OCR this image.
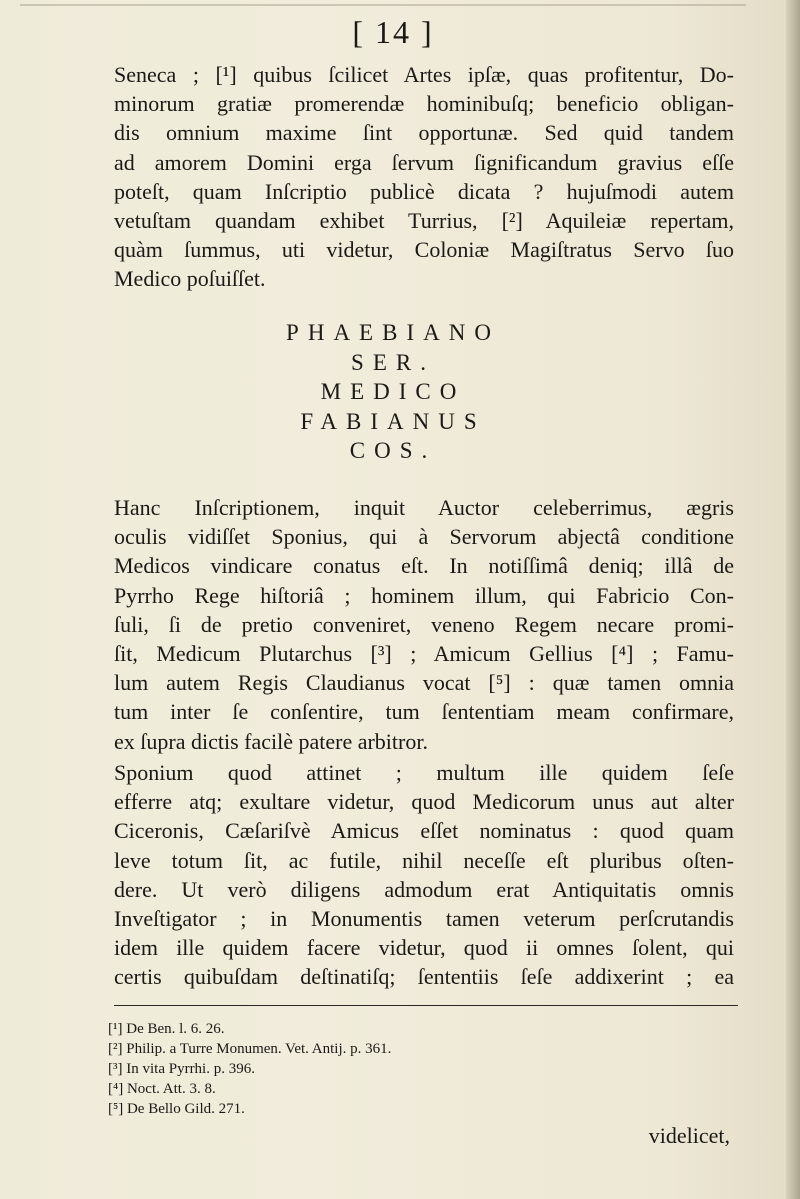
[ 14 ]
Seneca ; [¹] quibus ſcilicet Artes ipſæ, quas profitentur, Do-
minorum gratiæ promerendæ hominibuſq; beneficio obligan-
dis omnium maxime ſint opportunæ. Sed quid tandem
ad amorem Domini erga ſervum ſignificandum gravius eſſe
poteſt, quam Inſcriptio publicè dicata ? hujuſmodi autem
vetuſtam quandam exhibet Turrius, [²] Aquileiæ repertam,
quàm ſummus, uti videtur, Coloniæ Magiſtratus Servo ſuo
Medico poſuiſſet.
PHAEBIANO
SER.
MEDICO
FABIANUS
COS.
Hanc Inſcriptionem, inquit Auctor celeberrimus, ægris
oculis vidiſſet Sponius, qui à Servorum abjectâ conditione
Medicos vindicare conatus eſt. In notiſſimâ deniq; illâ de
Pyrrho Rege hiſtoriâ ; hominem illum, qui Fabricio Con-
ſuli, ſi de pretio conveniret, veneno Regem necare promi-
ſit, Medicum Plutarchus [³] ; Amicum Gellius [⁴] ; Famu-
lum autem Regis Claudianus vocat [⁵] : quæ tamen omnia
tum inter ſe conſentire, tum ſententiam meam confirmare,
ex ſupra dictis facilè patere arbitror.
Sponium quod attinet ; multum ille quidem ſeſe
efferre atq; exultare videtur, quod Medicorum unus aut alter
Ciceronis, Cæſariſvè Amicus eſſet nominatus : quod quam
leve totum ſit, ac futile, nihil neceſſe eſt pluribus oſten-
dere. Ut verò diligens admodum erat Antiquitatis omnis
Inveſtigator ; in Monumentis tamen veterum perſcrutandis
idem ille quidem facere videtur, quod ii omnes ſolent, qui
certis quibuſdam deſtinatiſq; ſententiis ſeſe addixerint ; ea
[¹] De Ben. l. 6. 26.
[²] Philip. a Turre Monumen. Vet. Antij. p. 361.
[³] In vita Pyrrhi. p. 396.
[⁴] Noct. Att. 3. 8.
[⁵] De Bello Gild. 271.
videlicet,
